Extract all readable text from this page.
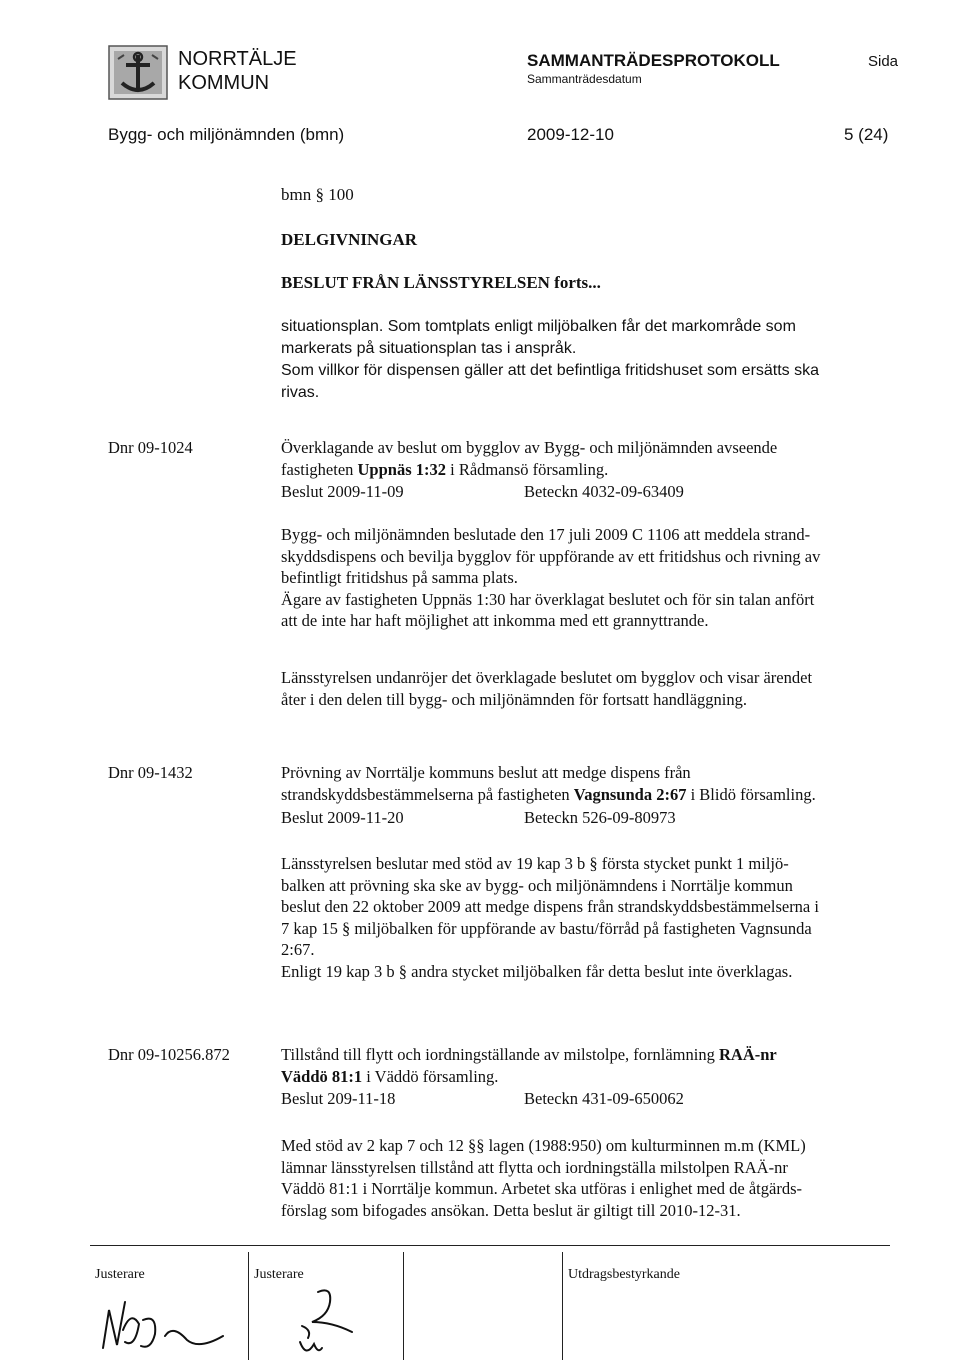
NORRTÄLJE
KOMMUN
SAMMANTRÄDESPROTOKOLL
Sammanträdesdatum
Sida
Bygg- och miljönämnden (bmn)	2009-12-10	5 (24)
bmn § 100
DELGIVNINGAR
BESLUT FRÅN LÄNSSTYRELSEN forts...
situationsplan. Som tomtplats enligt miljöbalken får det markområde som
markerats på situationsplan tas i anspråk.
Som villkor för dispensen gäller att det befintliga fritidshuset som ersätts ska
rivas.
Dnr 09-1024	Överklagande av beslut om bygglov av Bygg- och miljönämnden avseende
fastigheten Uppnäs 1:32 i Rådmansö församling.
Beslut 2009-11-09	Beteckn 4032-09-63409
Bygg- och miljönämnden beslutade den 17 juli 2009 C 1106 att meddela strand-
skyddsdispens och bevilja bygglov för uppförande av ett fritidshus och rivning av
befintligt fritidshus på samma plats.
Ägare av fastigheten Uppnäs 1:30 har överklagat beslutet och för sin talan anfört
att de inte har haft möjlighet att inkomma med ett grannyttrande.
Länsstyrelsen undanröjer det överklagade beslutet om bygglov och visar ärendet
åter i den delen till bygg- och miljönämnden för fortsatt handläggning.
Dnr 09-1432	Prövning av Norrtälje kommuns beslut att medge dispens från
strandskyddsbestämmelserna på fastigheten Vagnsunda 2:67 i Blidö församling.
Beslut 2009-11-20	Beteckn 526-09-80973
Länsstyrelsen beslutar med stöd av 19 kap 3 b § första stycket punkt 1 miljö-
balken att prövning ska ske av bygg- och miljönämndens i Norrtälje kommun
beslut den 22 oktober 2009 att medge dispens från strandskyddsbestämmelserna i
7 kap 15 § miljöbalken för uppförande av bastu/förråd på fastigheten Vagnsunda
2:67.
Enligt 19 kap 3 b § andra stycket miljöbalken får detta beslut inte överklagas.
Dnr 09-10256.872	Tillstånd till flytt och iordningställande av milstolpe, fornlämning RAÄ-nr
Väddö 81:1 i Väddö församling.
Beslut 209-11-18	Beteckn 431-09-650062
Med stöd av 2 kap 7 och 12 §§ lagen (1988:950) om kulturminnen m.m (KML)
lämnar länsstyrelsen tillstånd att flytta och iordningställa milstolpen RAÄ-nr
Väddö 81:1 i Norrtälje kommun. Arbetet ska utföras i enlighet med de åtgärds-
förslag som bifogades ansökan. Detta beslut är giltigt till 2010-12-31.
Justerare	Justerare	Utdragsbestyrkande
